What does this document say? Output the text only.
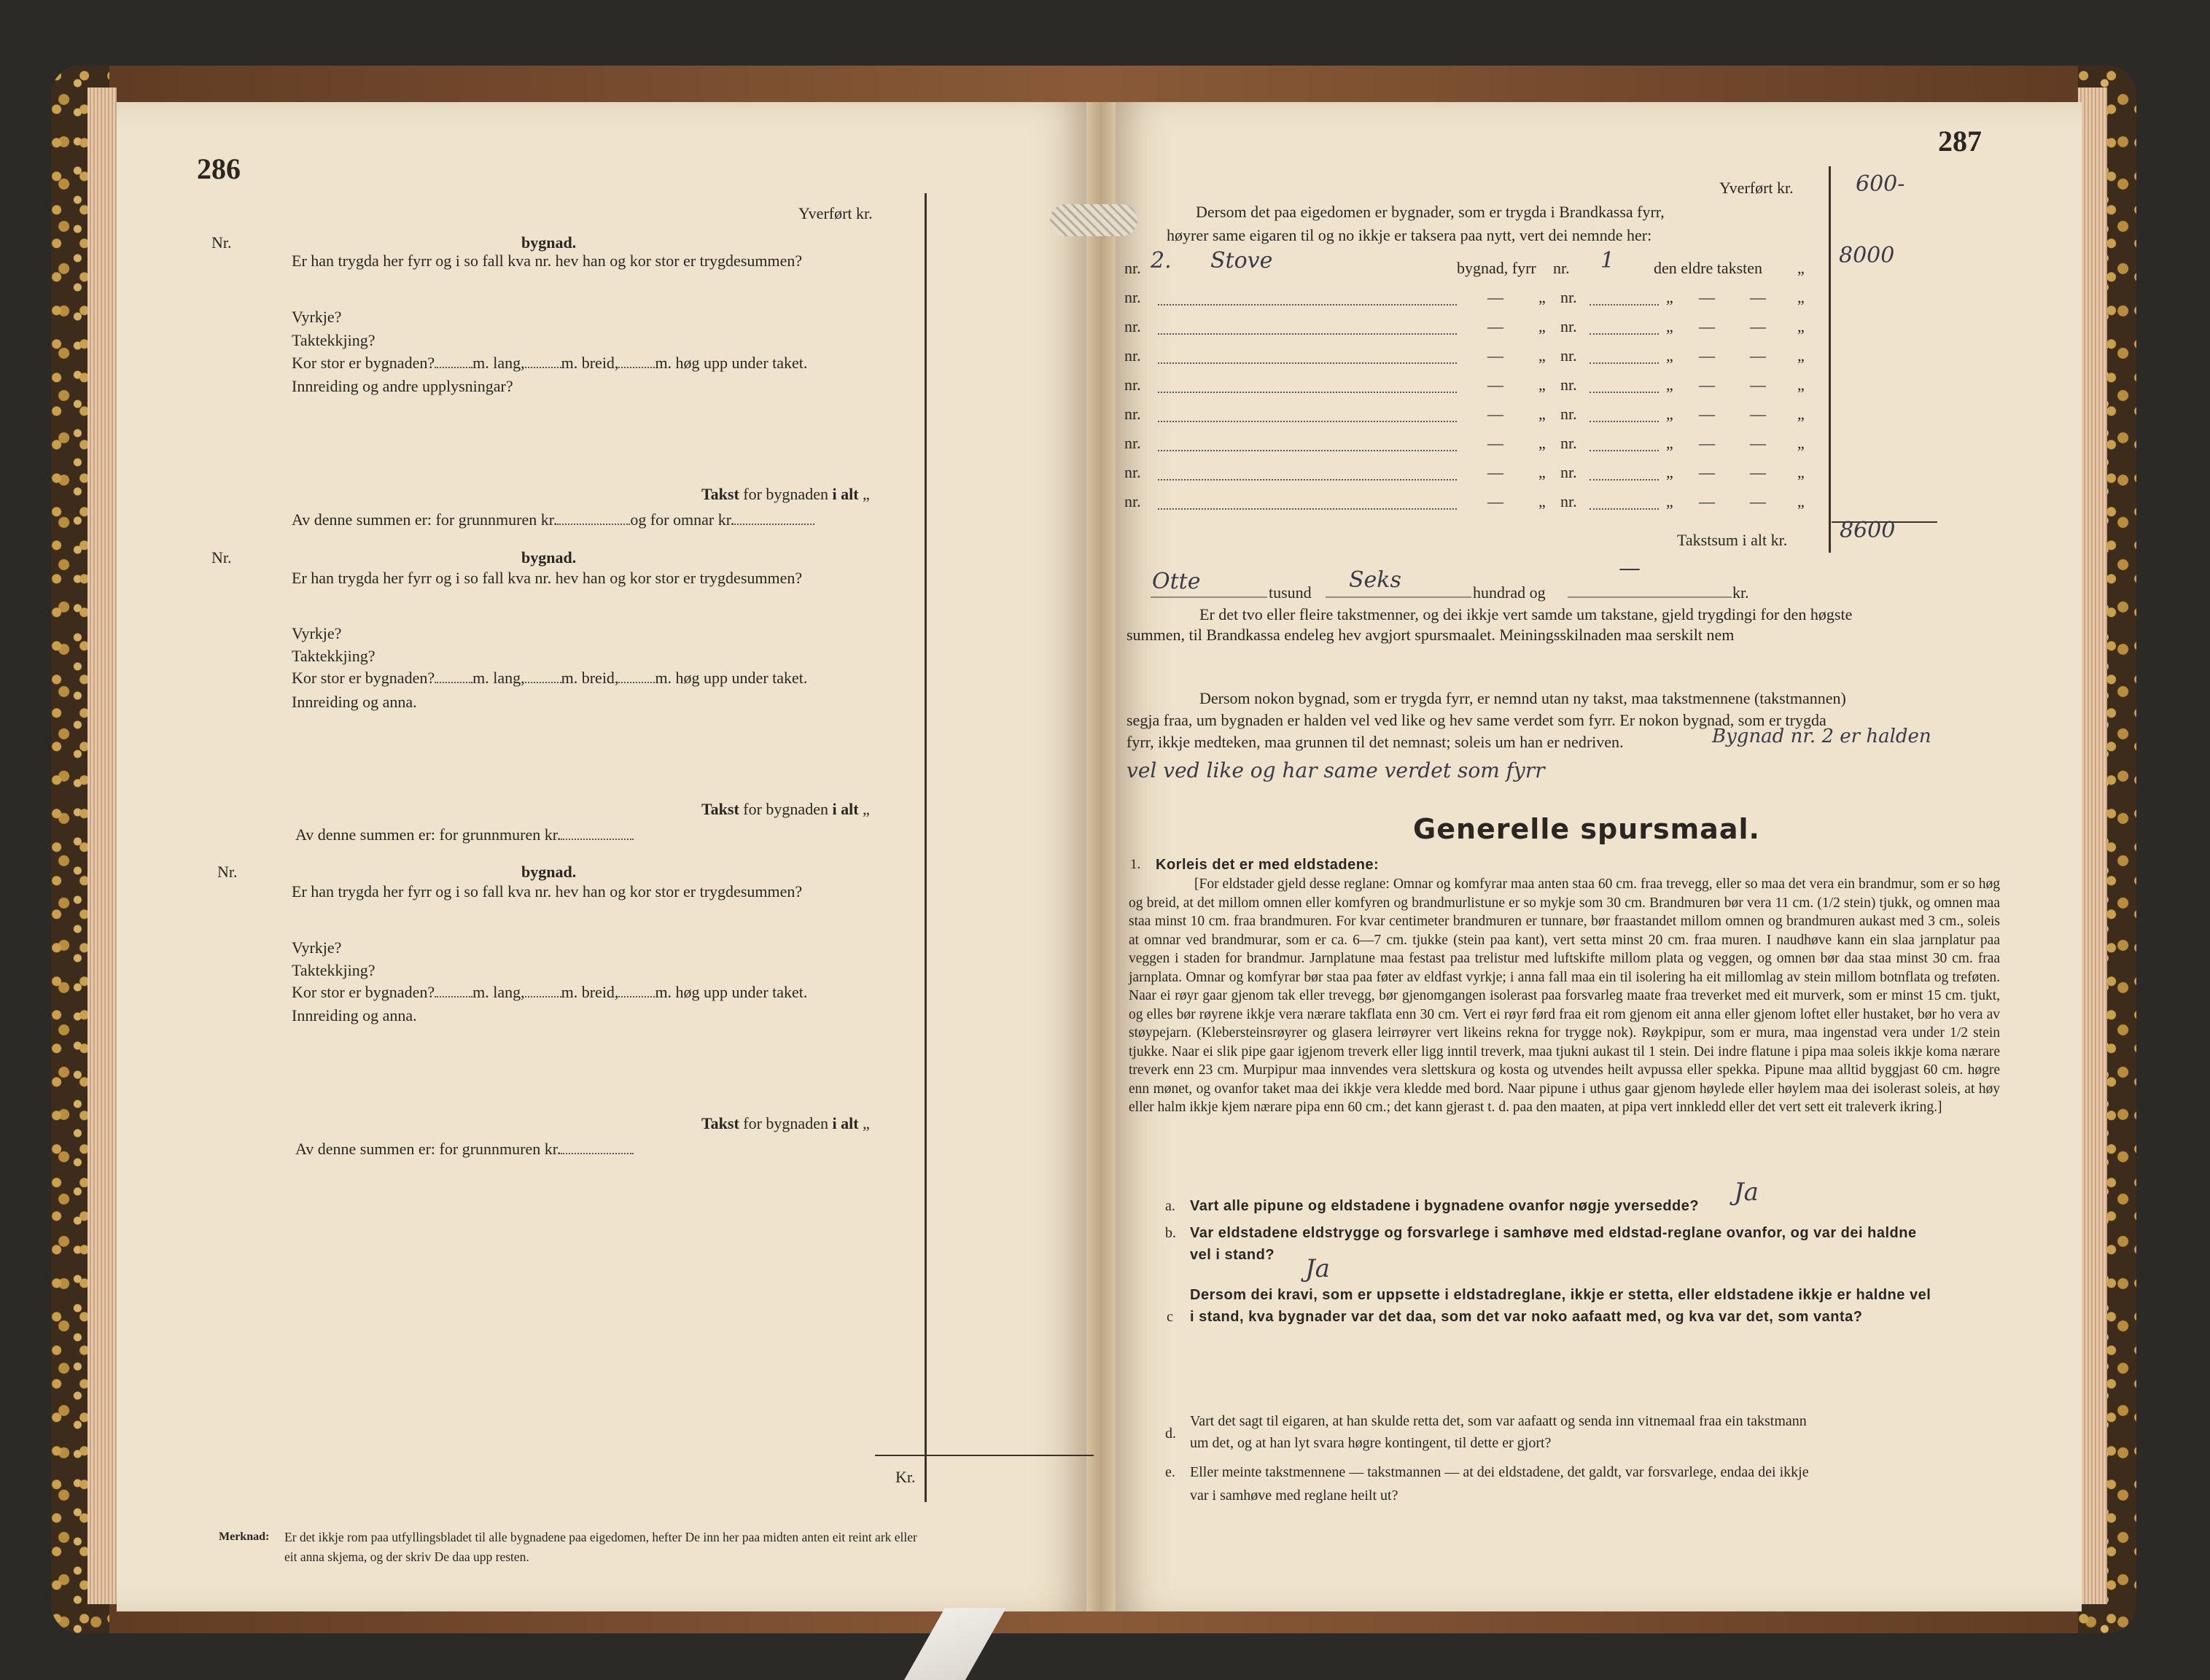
286
Yverført kr.
Kr.
Nr.
Er han trygda her fyrr og i so fall kva nr. hev han og kor stor er trygdesummen?
Vyrkje?
Taktekkjing?
Kor stor er bygnaden? m. lang, m. breid, m. høg upp under taket.
Innreiding og andre upplysningar?
Takst for bygnaden i alt „
Av denne summen er: for grunnmuren kr.	og for omnar kr.
Nr.	bygnad.
Er han trygda her fyrr og i so fall kva nr. hev han og kor stor er trygdesummen?
Vyrkje?
Taktekkjing?
Kor stor er bygnaden? m. lang, m. breid, m. høg upp under taket.
Innreiding og anna.
Takst for bygnaden i alt „
Av denne summen er: for grunnmuren kr.
Nr.	bygnad.
Er han trygda her fyrr og i so fall kva nr. hev han og kor stor er trygdesummen?
Vyrkje?
Taktekkjing?
Kor stor er bygnaden? m. lang, m. breid, m. høg upp under taket.
Innreiding og anna.
Takst for bygnaden i alt „
Av denne summen er: for grunnmuren kr.
bygnad.
Merknad: Er det ikkje rom paa utfyllingsbladet til alle bygnadene paa eigedomen, hefter De inn her paa midten anten eit reint ark eller
eit anna skjema, og der skriv De daa upp resten.
287
Yverført kr.	600-
Dersom det paa eigedomen er bygnader, som er trygda i Brandkassa fyrr,
høyrer same eigaren til og no ikkje er taksera paa nytt, vert dei nemnde her:
nr. 2. Stove	bygnad, fyrr nr. 1 den eldre taksten „ 8000
nr.	— „ nr.	„ — — „
nr.	— „ nr.	„ — — „
nr.	— „ nr.	„ — — „
nr.	— „ nr.	„ — — „
nr.	— „ nr.	„ — — „
nr.	— „ nr.	„ — — „
nr.	— „ nr.	„ — — „
nr.	— „ nr.	„ — — „
Takstsum i alt kr. 8600
Otte	tusund Seks	hundrad og
—
kr.
Er det tvo eller fleire takstmenner, og dei ikkje vert samde um takstane, gjeld trygdingi for den høgste
summen, til Brandkassa endeleg hev avgjort spursmaalet. Meiningsskilnaden maa serskilt nem
Dersom nokon bygnad, som er trygda fyrr, er nemnd utan ny takst, maa takstmennene (takstmannen)
segja fraa, um bygnaden er halden vel ved like og hev same verdet som fyrr. Er nokon bygnad, som er trygda
fyrr, ikkje medteken, maa grunnen til det nemnast; soleis um han er nedriven.	Bygnad nr. 2 er halden
vel ved like og har same verdet som fyrr
Generelle spursmaal.
1. Korleis det er med eldstadene:
[For eldstader gjeld desse reglane: Omnar og komfyrar maa anten staa 60 cm. fraa trevegg, eller so maa det vera ein brandmur, som er so høg og breid, at det millom omnen eller komfyren og brandmurlistune er so mykje som 30 cm. Brandmuren bør vera 11 cm. (1/2 stein) tjukk, og omnen maa staa minst 10 cm. fraa brandmuren. For kvar centimeter brandmuren er tunnare, bør fraastandet millom omnen og brandmuren aukast med 3 cm., soleis at omnar ved brandmurar, som er ca. 6—7 cm. tjukke (stein paa kant), vert setta minst 20 cm. fraa muren. I naudhøve kann ein slaa jarnplatur paa veggen i staden for brandmur. Jarnplatune maa festast paa trelistur med luftskifte millom plata og veggen, og omnen bør daa staa minst 30 cm. fraa jarnplata. Omnar og komfyrar bør staa paa føter av eldfast vyrkje; i anna fall maa ein til isolering ha eit millomlag av stein millom botnflata og treføten. Naar ei røyr gaar gjenom tak eller trevegg, bør gjenomgangen isolerast paa forsvarleg maate fraa treverket med eit murverk, som er minst 15 cm. tjukt, og elles bør røyrene ikkje vera nærare takflata enn 30 cm. Vert ei røyr førd fraa eit rom gjenom eit anna eller gjenom loftet eller hustaket, bør ho vera av støypejarn. (Klebersteinsrøyrer og glasera leirrøyrer vert likeins rekna for trygge nok). Røykpipur, som er mura, maa ingenstad vera under 1/2 stein tjukke. Naar ei slik pipe gaar igjenom treverk eller ligg inntil treverk, maa tjukni aukast til 1 stein. Dei indre flatune i pipa maa soleis ikkje koma nærare treverk enn 23 cm. Murpipur maa innvendes vera slettskura og kosta og utvendes heilt avpussa eller spekka. Pipune maa alltid byggjast 60 cm. høgre enn mønet, og ovanfor taket maa dei ikkje vera kledde med bord. Naar pipune i uthus gaar gjenom høylede eller høylem maa dei isolerast soleis, at høy eller halm ikkje kjem nærare pipa enn 60 cm.; det kann gjerast t. d. paa den maaten, at pipa vert innkledd eller det vert sett eit traleverk ikring.]
a. Vart alle pipune og eldstadene i bygnadene ovanfor nøgje yversedde? Ja
b. Var eldstadene eldstrygge og forsvarlege i samhøve med eldstad-reglane ovanfor, og var dei haldne
vel i stand? Ja
c
Dersom dei kravi, som er uppsette i eldstadreglane, ikkje er stetta, eller eldstadene ikkje er haldne vel
i stand, kva bygnader var det daa, som det var noko aafaatt med, og kva var det, som vanta?
d.
Vart det sagt til eigaren, at han skulde retta det, som var aafaatt og senda inn vitnemaal fraa ein takstmann
um det, og at han lyt svara høgre kontingent, til dette er gjort?
e. Eller meinte takstmennene — takstmannen — at dei eldstadene, det galdt, var forsvarlege, endaa dei ikkje
var i samhøve med reglane heilt ut?
